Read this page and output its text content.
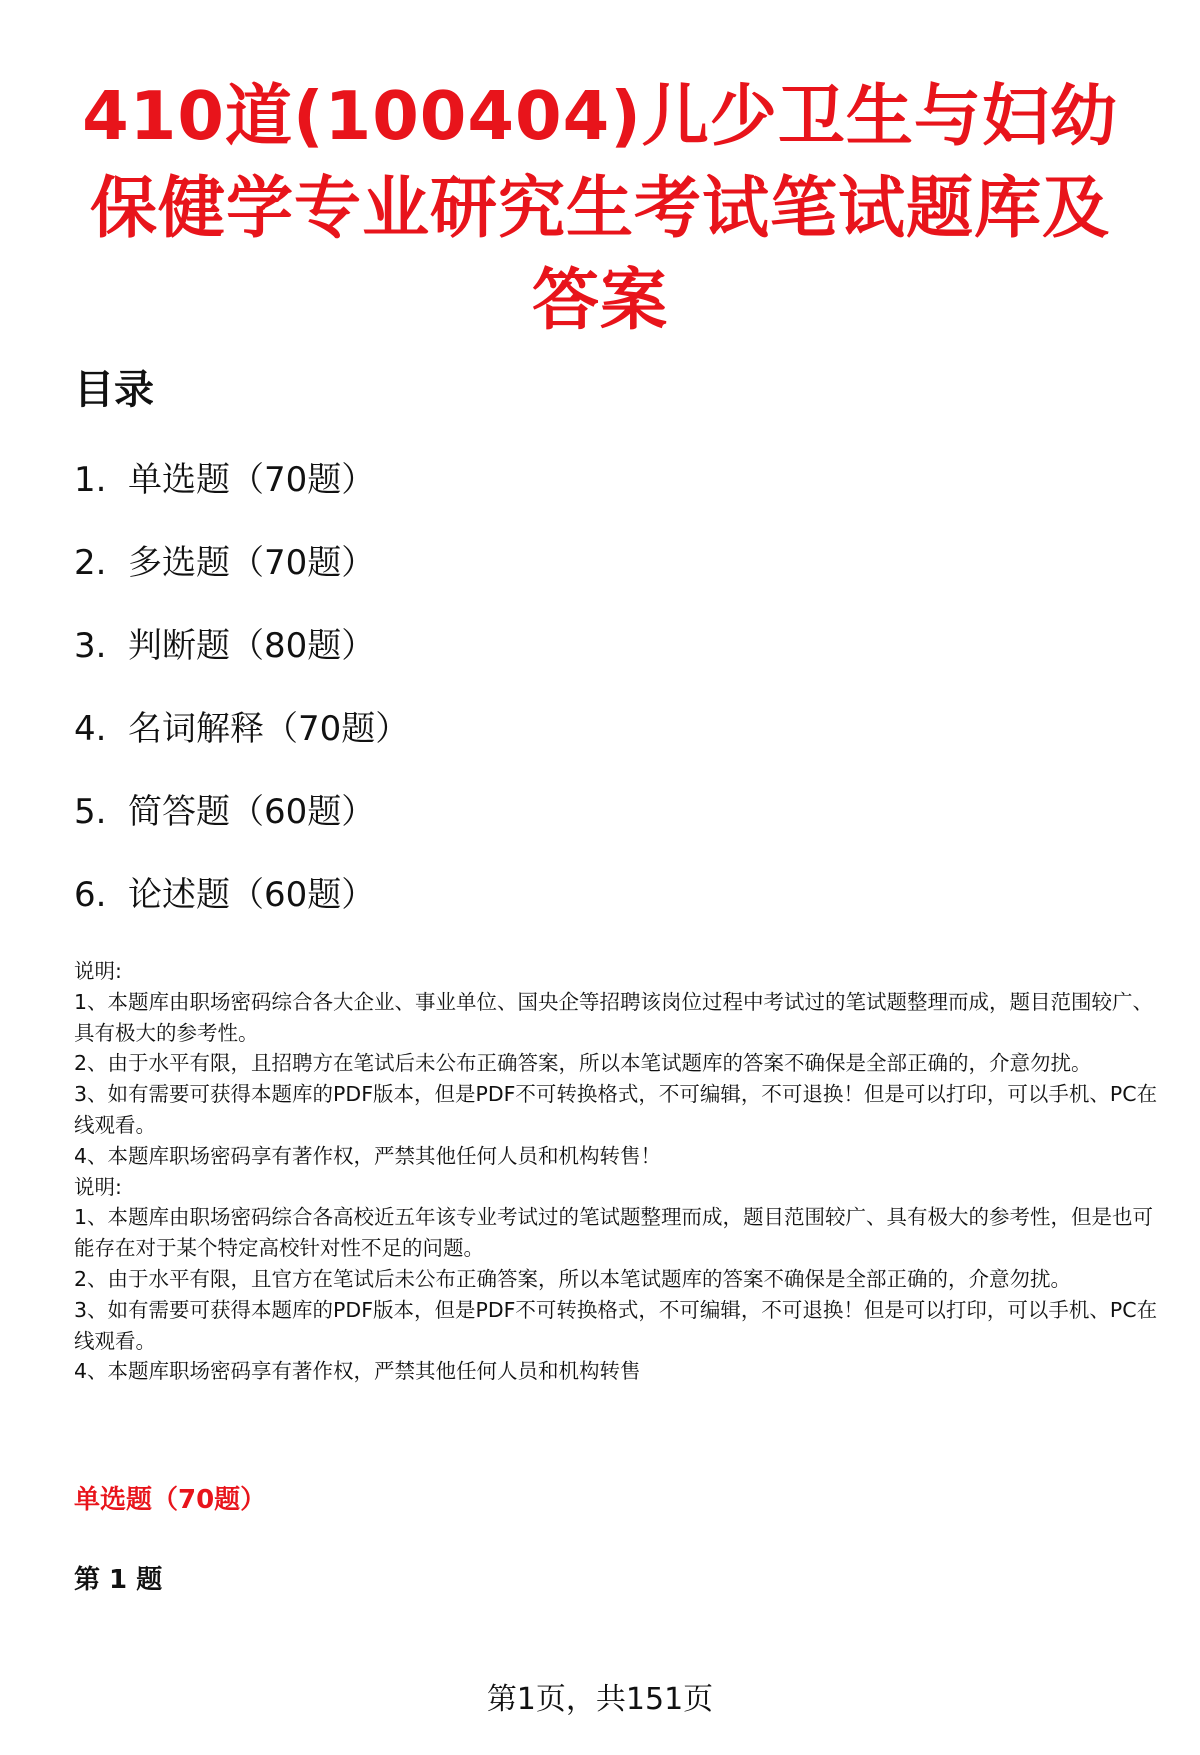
410道(100404)儿少卫生与妇幼保健学专业研究生考试笔试题库及答案
目录
1. 单选题（70题）
2. 多选题（70题）
3. 判断题（80题）
4. 名词解释（70题）
5. 简答题（60题）
6. 论述题（60题）

说明:

1、本题库由职场密码综合各大企业、事业单位、国央企等招聘该岗位过程中考试过的笔试题整理而成，题目范围较广、具有极大的参考性。

2、由于水平有限，且招聘方在笔试后未公布正确答案，所以本笔试题库的答案不确保是全部正确的，介意勿扰。

3、如有需要可获得本题库的PDF版本，但是PDF不可转换格式，不可编辑，不可退换！但是可以打印，可以手机、PC在线观看。

4、本题库职场密码享有著作权，严禁其他任何人员和机构转售！

说明:

1、本题库由职场密码综合各高校近五年该专业考试过的笔试题整理而成，题目范围较广、具有极大的参考性，但是也可能存在对于某个特定高校针对性不足的问题。

2、由于水平有限，且官方在笔试后未公布正确答案，所以本笔试题库的答案不确保是全部正确的，介意勿扰。

3、如有需要可获得本题库的PDF版本，但是PDF不可转换格式，不可编辑，不可退换！但是可以打印，可以手机、PC在线观看。

4、本题库职场密码享有著作权，严禁其他任何人员和机构转售

单选题（70题）
第 1 题
第1页，共151页
